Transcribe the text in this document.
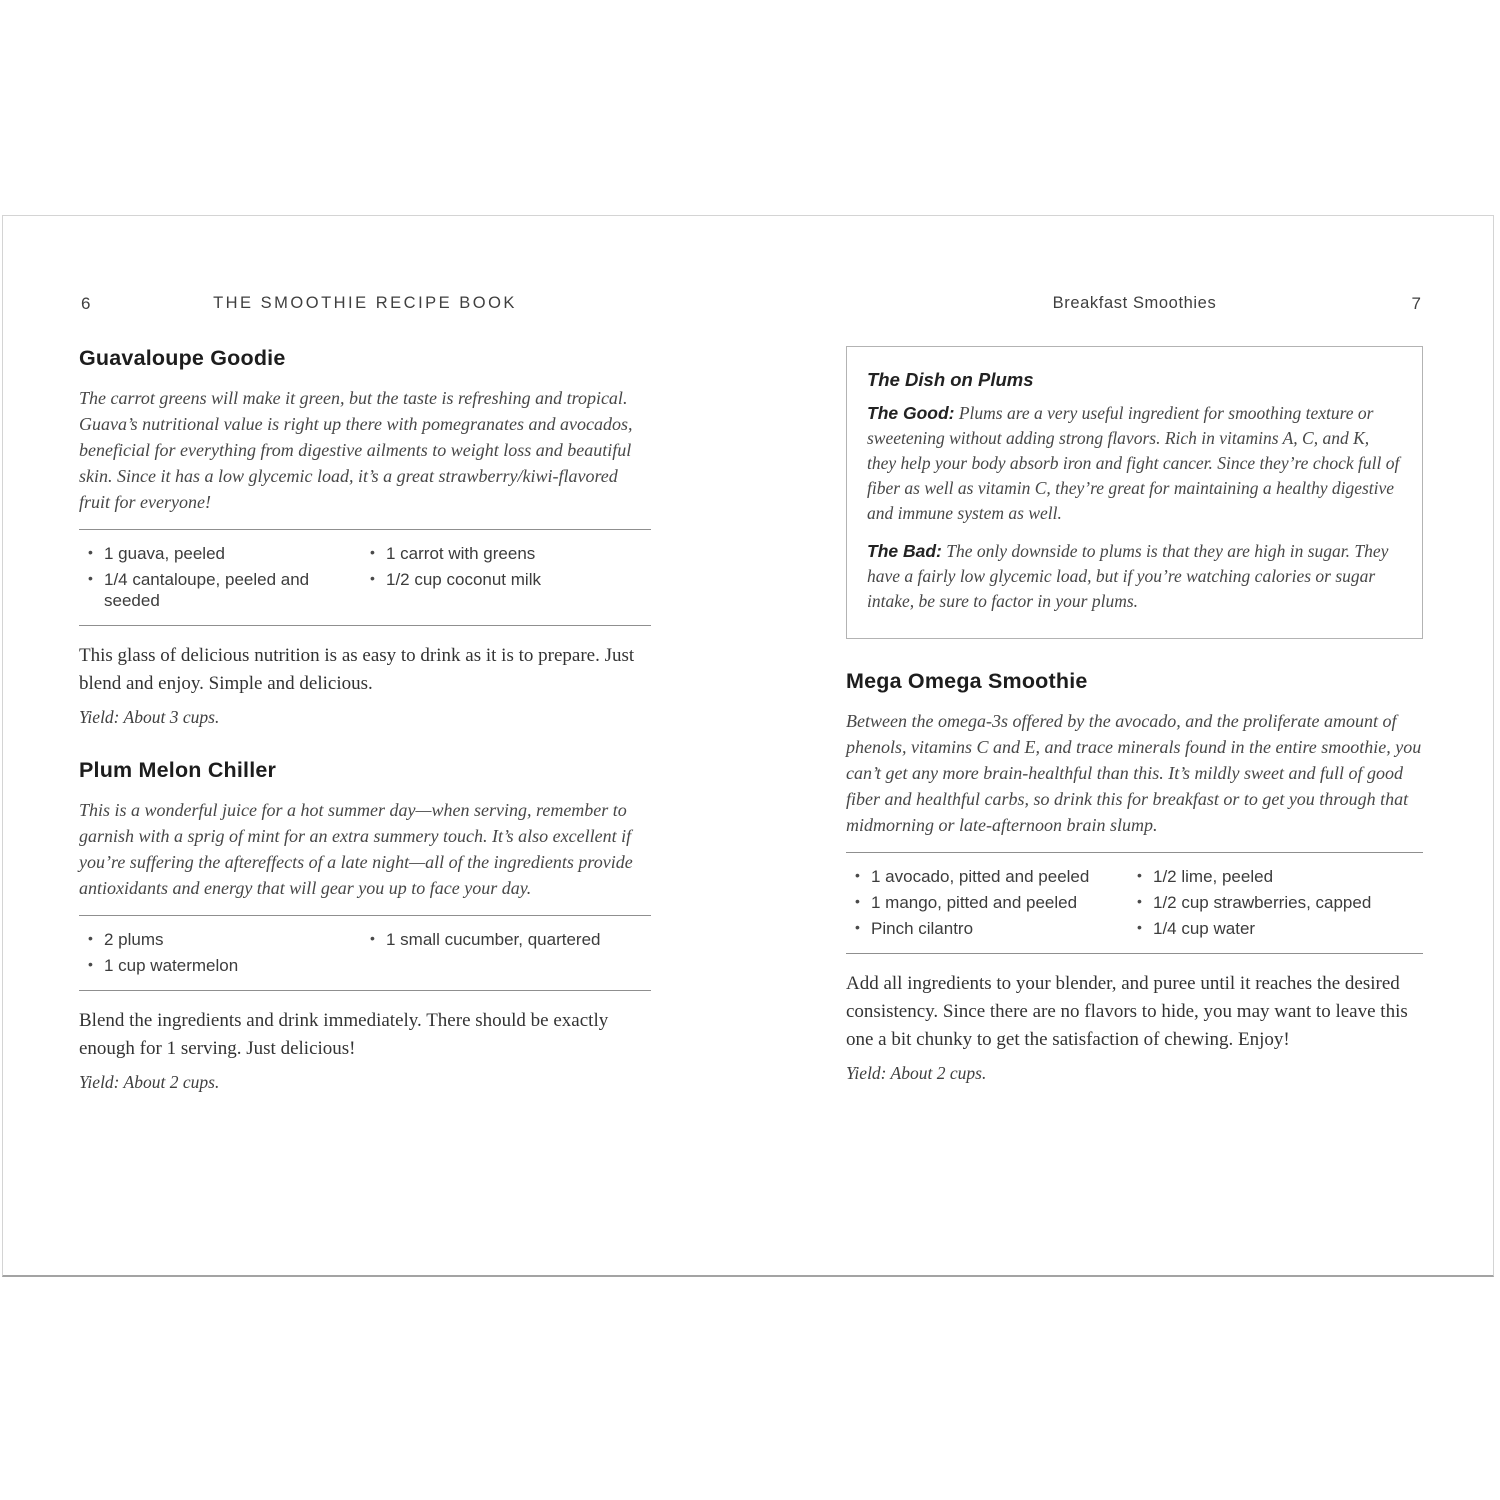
6	THE SMOOTHIE RECIPE BOOK
Guavaloupe Goodie

The carrot greens will make it green, but the taste is refreshing and tropical. Guava’s nutritional value is right up there with pomegranates and avocados, beneficial for everything from digestive ailments to weight loss and beautiful skin. Since it has a low glycemic load, it’s a great strawberry/kiwi-flavored fruit for everyone!

• 1 guava, peeled
• 1/4 cantaloupe, peeled and seeded
• 1 carrot with greens
• 1/2 cup coconut milk

This glass of delicious nutrition is as easy to drink as it is to prepare. Just blend and enjoy. Simple and delicious.

Yield: About 3 cups.

Plum Melon Chiller

This is a wonderful juice for a hot summer day—when serving, remember to garnish with a sprig of mint for an extra summery touch. It’s also excellent if you’re suffering the aftereffects of a late night—all of the ingredients provide antioxidants and energy that will gear you up to face your day.

• 2 plums
• 1 cup watermelon
• 1 small cucumber, quartered

Blend the ingredients and drink immediately. There should be exactly enough for 1 serving. Just delicious!

Yield: About 2 cups.

Breakfast Smoothies	7
The Dish on Plums

The Good: Plums are a very useful ingredient for smoothing texture or sweetening without adding strong flavors. Rich in vitamins A, C, and K, they help your body absorb iron and fight cancer. Since they’re chock full of fiber as well as vitamin C, they’re great for maintaining a healthy digestive and immune system as well.

The Bad: The only downside to plums is that they are high in sugar. They have a fairly low glycemic load, but if you’re watching calories or sugar intake, be sure to factor in your plums.

Mega Omega Smoothie

Between the omega-3s offered by the avocado, and the proliferate amount of phenols, vitamins C and E, and trace minerals found in the entire smoothie, you can’t get any more brain-healthful than this. It’s mildly sweet and full of good fiber and healthful carbs, so drink this for breakfast or to get you through that midmorning or late-afternoon brain slump.

• 1 avocado, pitted and peeled
• 1 mango, pitted and peeled
• Pinch cilantro
• 1/2 lime, peeled
• 1/2 cup strawberries, capped
• 1/4 cup water

Add all ingredients to your blender, and puree until it reaches the desired consistency. Since there are no flavors to hide, you may want to leave this one a bit chunky to get the satisfaction of chewing. Enjoy!

Yield: About 2 cups.
